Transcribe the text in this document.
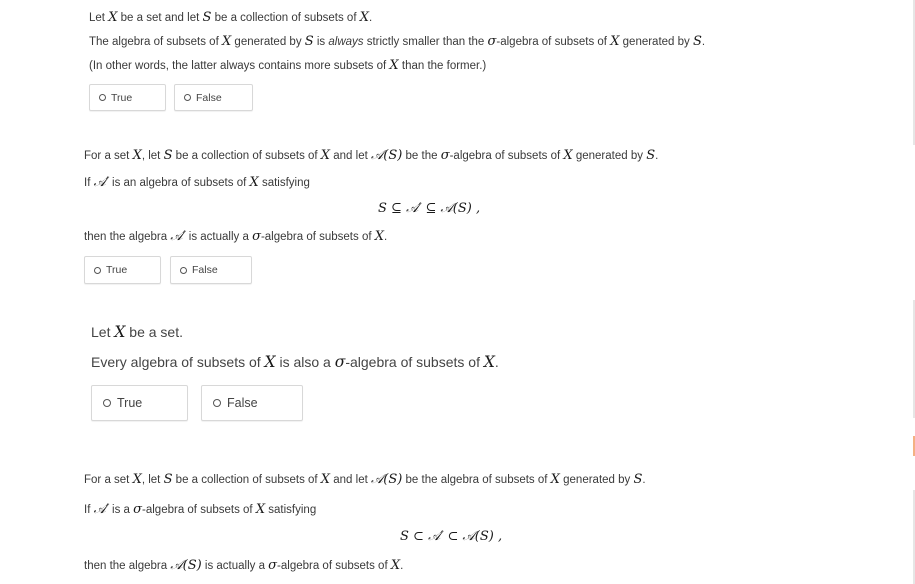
Let X be a set and let S be a collection of subsets of X.
The algebra of subsets of X generated by S is always strictly smaller than the σ-algebra of subsets of X generated by S.
(In other words, the latter always contains more subsets of X than the former.)
True	False
For a set X, let S be a collection of subsets of X and let 𝒜(S) be the σ-algebra of subsets of X generated by S.
If 𝒜′ is an algebra of subsets of X satisfying
S ⊆ 𝒜′ ⊆ 𝒜(S) ,
then the algebra 𝒜′ is actually a σ-algebra of subsets of X.
True	False
Let X be a set.
Every algebra of subsets of X is also a σ-algebra of subsets of X.
True	False
For a set X, let S be a collection of subsets of X and let 𝒜(S) be the algebra of subsets of X generated by S.
If 𝒜′ is a σ-algebra of subsets of X satisfying
S ⊂ 𝒜′ ⊂ 𝒜(S) ,
then the algebra 𝒜(S) is actually a σ-algebra of subsets of X.
